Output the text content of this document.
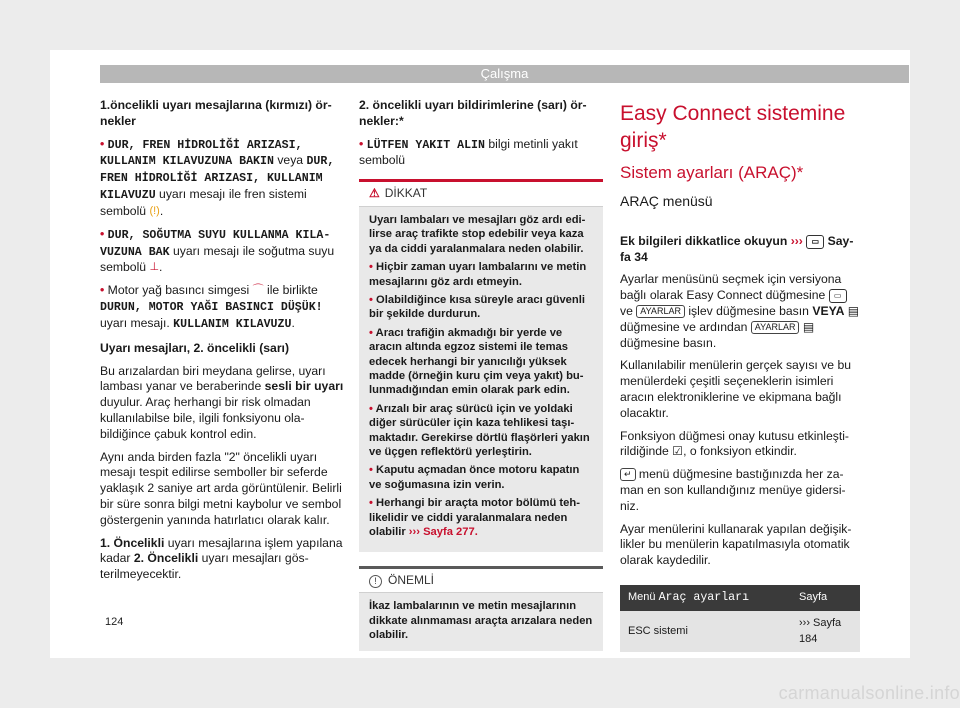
Çalışma

1.öncelikli uyarı mesajlarına (kırmızı) örnekler

• DUR, FREN HİDROLİĞİ ARIZASI, KULLANIM KILAVUZUNA BAKIN veya DUR, FREN HİDROLİĞİ ARIZASI, KULLANIM KILAVUZU uyarı mesajı ile fren sistemi sembolü (!).

• DUR, SOĞUTMA SUYU KULLANMA KILAVUZUNA BAK uyarı mesajı ile soğutma suyu sembolü ⊥.

• Motor yağ basıncı simgesi ⌒ ile birlikte DURUN, MOTOR YAĞI BASINCI DÜŞÜK! uyarı mesajı. KULLANIM KILAVUZU.

Uyarı mesajları, 2. öncelikli (sarı)

Bu arızalardan biri meydana gelirse, uyarı lambası yanar ve beraberinde sesli bir uyarı duyulur. Araç herhangi bir risk olmadan kullanılabilse bile, ilgili fonksiyonu olabildiğince çabuk kontrol edin.

Aynı anda birden fazla "2" öncelikli uyarı mesajı tespit edilirse semboller bir seferde yaklaşık 2 saniye art arda görüntülenir. Belirli bir süre sonra bilgi metni kaybolur ve sembol göstergenin yanında hatırlatıcı olarak kalır.

1. Öncelikli uyarı mesajlarına işlem yapılana kadar 2. Öncelikli uyarı mesajları gösterilmeyecektir.

2. öncelikli uyarı bildirimlerine (sarı) örnekler:*

• LÜTFEN YAKIT ALIN bilgi metinli yakıt sembolü

⚠ DİKKAT

Uyarı lambaları ve mesajları göz ardı edilirse araç trafikte stop edebilir veya kaza ya da ciddi yaralanmalara neden olabilir.

• Hiçbir zaman uyarı lambalarını ve metin mesajlarını göz ardı etmeyin.

• Olabildiğince kısa süreyle aracı güvenli bir şekilde durdurun.

• Aracı trafiğin akmadığı bir yerde ve aracın altında egzoz sistemi ile temas edecek herhangi bir yanıcılığı yüksek madde (örneğin kuru çim veya yakıt) bulunmadığından emin olarak park edin.

• Arızalı bir araç sürücü için ve yoldaki diğer sürücüler için kaza tehlikesi taşımaktadır. Gerekirse dörtlü flaşörleri yakın ve üçgen reflektörü yerleştirin.

• Kaputu açmadan önce motoru kapatın ve soğumasına izin verin.

• Herhangi bir araçta motor bölümü tehlikelidir ve ciddi yaralanmalara neden olabilir ››› Sayfa 277.

! ÖNEMLİ
İkaz lambalarının ve metin mesajlarının dikkate alınmaması araçta arızalara neden olabilir.
Easy Connect sistemine giriş*
Sistem ayarları (ARAÇ)*
ARAÇ menüsü

Ek bilgileri dikkatlice okuyun ››› ▭ Sayfa 34

Ayarlar menüsünü seçmek için versiyona bağlı olarak Easy Connect düğmesine ▭ ve AYARLAR işlev düğmesine basın VEYA ▤ düğmesine ve ardından AYARLAR ▤ düğmesine basın.

Kullanılabilir menülerin gerçek sayısı ve bu menülerdeki çeşitli seçeneklerin isimleri aracın elektroniklerine ve ekipmana bağlı olacaktır.

Fonksiyon düğmesi onay kutusu etkinleştirildiğinde ☑, o fonksiyon etkindir.

↵ menü düğmesine bastığınızda her zaman en son kullandığınız menüye gidersiniz.

Ayar menülerini kullanarak yapılan değişiklikler bu menülerin kapatılmasıyla otomatik olarak kaydedilir.

Menü Araç ayarları	Sayfa
ESC sistemi	››› Sayfa 184
124
carmanualsonline.info
